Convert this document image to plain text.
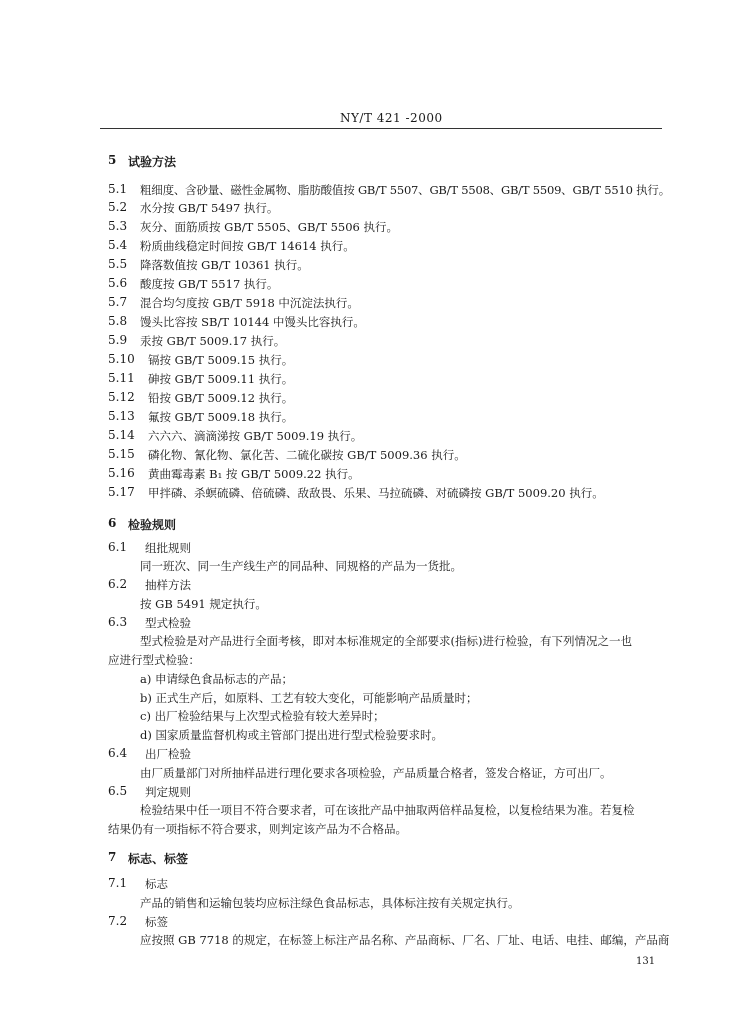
NY/T 421 -2000
5 试验方法
5.1 粗细度、含砂量、磁性金属物、脂肪酸值按 GB/T 5507、GB/T 5508、GB/T 5509、GB/T 5510 执行。
5.2 水分按 GB/T 5497 执行。
5.3 灰分、面筋质按 GB/T 5505、GB/T 5506 执行。
5.4 粉质曲线稳定时间按 GB/T 14614 执行。
5.5 降落数值按 GB/T 10361 执行。
5.6 酸度按 GB/T 5517 执行。
5.7 混合均匀度按 GB/T 5918 中沉淀法执行。
5.8 馒头比容按 SB/T 10144 中馒头比容执行。
5.9 汞按 GB/T 5009.17 执行。
5.10 镉按 GB/T 5009.15 执行。
5.11 砷按 GB/T 5009.11 执行。
5.12 铅按 GB/T 5009.12 执行。
5.13 氟按 GB/T 5009.18 执行。
5.14 六六六、滴滴涕按 GB/T 5009.19 执行。
5.15 磷化物、氰化物、氯化苦、二硫化碳按 GB/T 5009.36 执行。
5.16 黄曲霉毒素 B₁ 按 GB/T 5009.22 执行。
5.17 甲拌磷、杀螟硫磷、倍硫磷、敌敌畏、乐果、马拉硫磷、对硫磷按 GB/T 5009.20 执行。
6 检验规则
6.1 组批规则
同一班次、同一生产线生产的同品种、同规格的产品为一货批。
6.2 抽样方法
按 GB 5491 规定执行。
6.3 型式检验
型式检验是对产品进行全面考核，即对本标准规定的全部要求(指标)进行检验，有下列情况之一也
应进行型式检验：
a) 申请绿色食品标志的产品；
b) 正式生产后，如原料、工艺有较大变化，可能影响产品质量时；
c) 出厂检验结果与上次型式检验有较大差异时；
d) 国家质量监督机构或主管部门提出进行型式检验要求时。
6.4 出厂检验
由厂质量部门对所抽样品进行理化要求各项检验，产品质量合格者，签发合格证，方可出厂。
6.5 判定规则
检验结果中任一项目不符合要求者，可在该批产品中抽取两倍样品复检，以复检结果为准。若复检
结果仍有一项指标不符合要求，则判定该产品为不合格品。
7 标志、标签
7.1 标志
产品的销售和运输包装均应标注绿色食品标志，具体标注按有关规定执行。
7.2 标签
应按照 GB 7718 的规定，在标签上标注产品名称、产品商标、厂名、厂址、电话、电挂、邮编，产品商
131
